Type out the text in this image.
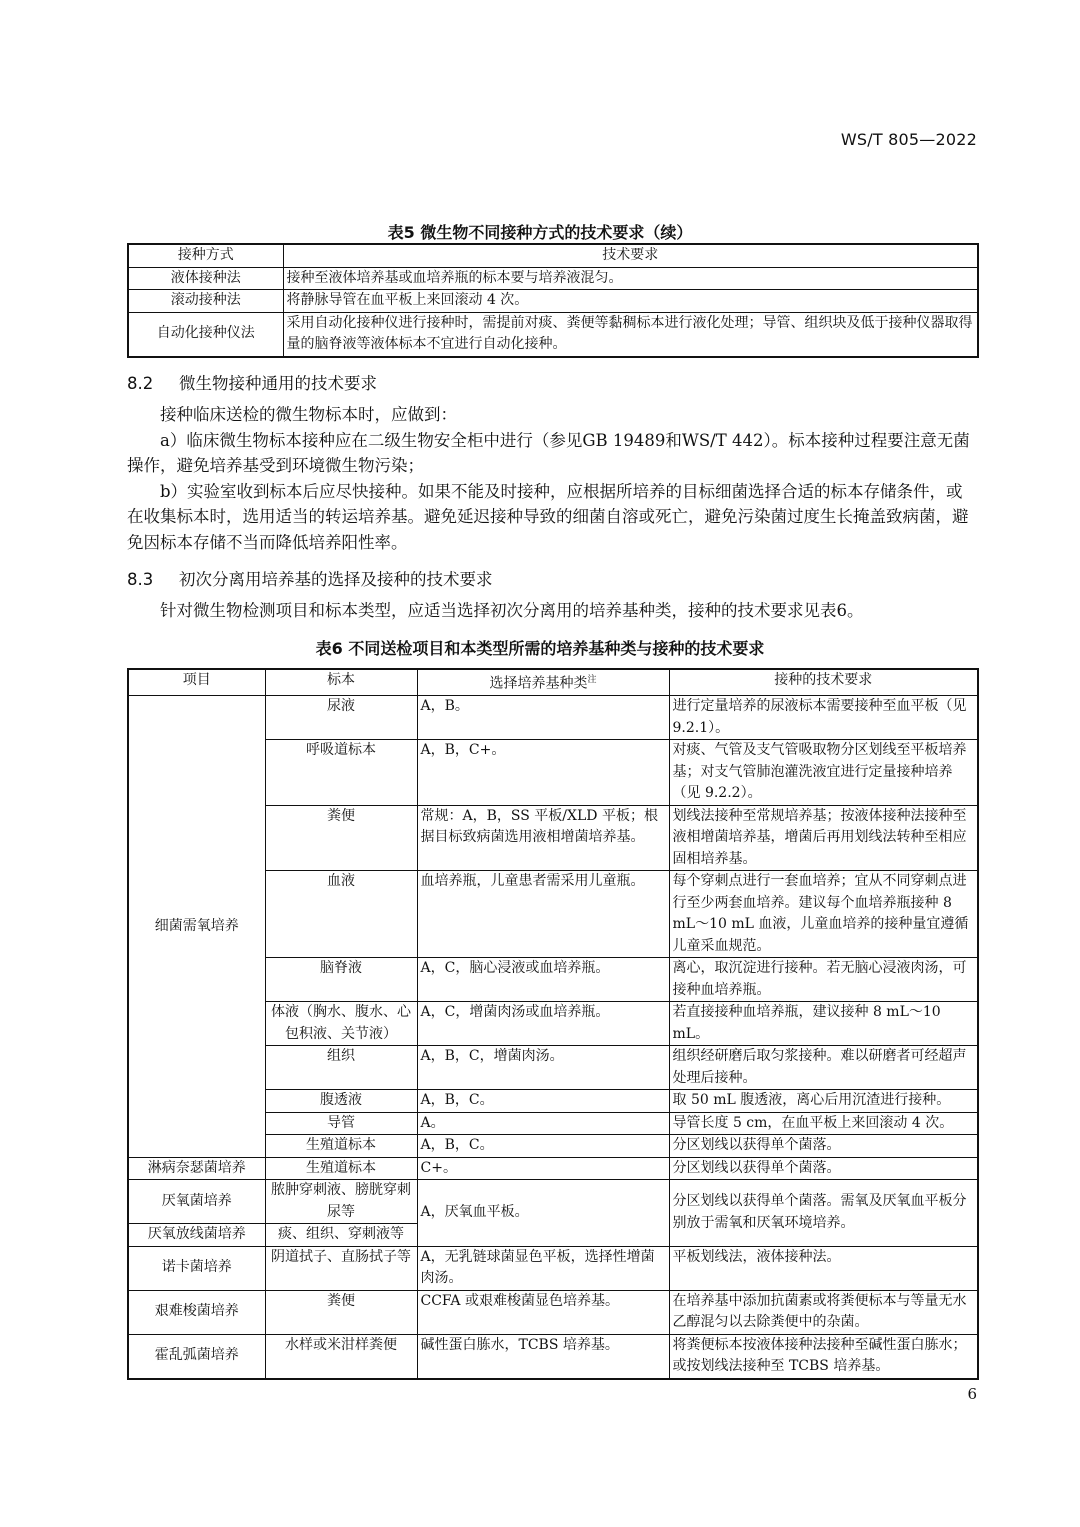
WS/T 805—2022
表5 微生物不同接种方式的技术要求（续）
接种方式	技术要求
液体接种法	接种至液体培养基或血培养瓶的标本要与培养液混匀。
滚动接种法	将静脉导管在血平板上来回滚动 4 次。
自动化接种仪法	采用自动化接种仪进行接种时，需提前对痰、粪便等黏稠标本进行液化处理；导管、组织块及低于接种仪器取得量的脑脊液等液体标本不宜进行自动化接种。
8.2 微生物接种通用的技术要求

接种临床送检的微生物标本时，应做到：

a）临床微生物标本接种应在二级生物安全柜中进行（参见GB 19489和WS/T 442）。标本接种过程要注意无菌操作，避免培养基受到环境微生物污染；

b）实验室收到标本后应尽快接种。如果不能及时接种，应根据所培养的目标细菌选择合适的标本存储条件，或在收集标本时，选用适当的转运培养基。避免延迟接种导致的细菌自溶或死亡，避免污染菌过度生长掩盖致病菌，避免因标本存储不当而降低培养阳性率。

8.3 初次分离用培养基的选择及接种的技术要求

针对微生物检测项目和标本类型，应适当选择初次分离用的培养基种类，接种的技术要求见表6。

表6 不同送检项目和本类型所需的培养基种类与接种的技术要求
项目	标本	选择培养基种类$^注$	接种的技术要求
细菌需氧培养	尿液	A，B。	进行定量培养的尿液标本需要接种至血平板（见 9.2.1）。
	呼吸道标本	A，B，C+。	对痰、气管及支气管吸取物分区划线至平板培养基；对支气管肺泡灌洗液宜进行定量接种培养（见 9.2.2）。
	粪便	常规：A，B，SS 平板/XLD 平板；根据目标致病菌选用液相增菌培养基。	划线法接种至常规培养基；按液体接种法接种至液相增菌培养基，增菌后再用划线法转种至相应固相培养基。
	血液	血培养瓶，儿童患者需采用儿童瓶。	每个穿刺点进行一套血培养；宜从不同穿刺点进行至少两套血培养。建议每个血培养瓶接种 8 mL～10 mL 血液，儿童血培养的接种量宜遵循儿童采血规范。
	脑脊液	A，C，脑心浸液或血培养瓶。	离心，取沉淀进行接种。若无脑心浸液肉汤，可接种血培养瓶。
	体液（胸水、腹水、心包积液、关节液）	A，C，增菌肉汤或血培养瓶。	若直接接种血培养瓶，建议接种 8 mL～10 mL。
	组织	A，B，C，增菌肉汤。	组织经研磨后取匀浆接种。难以研磨者可经超声处理后接种。
	腹透液	A，B，C。	取 50 mL 腹透液，离心后用沉渣进行接种。
	导管	A。	导管长度 5 cm，在血平板上来回滚动 4 次。
	生殖道标本	A，B，C。	分区划线以获得单个菌落。
淋病奈瑟菌培养	生殖道标本	C+。	分区划线以获得单个菌落。
厌氧菌培养	脓肿穿刺液、膀胱穿刺尿等	A，厌氧血平板。	分区划线以获得单个菌落。需氧及厌氧血平板分别放于需氧和厌氧环境培养。
厌氧放线菌培养	痰、组织、穿刺液等		
诺卡菌培养	阴道拭子、直肠拭子等	A，无乳链球菌显色平板，选择性增菌肉汤。	平板划线法，液体接种法。
艰难梭菌培养	粪便	CCFA 或艰难梭菌显色培养基。	在培养基中添加抗菌素或将粪便标本与等量无水乙醇混匀以去除粪便中的杂菌。
霍乱弧菌培养	水样或米泔样粪便	碱性蛋白胨水，TCBS 培养基。	将粪便标本按液体接种法接种至碱性蛋白胨水；或按划线法接种至 TCBS 培养基。
6
